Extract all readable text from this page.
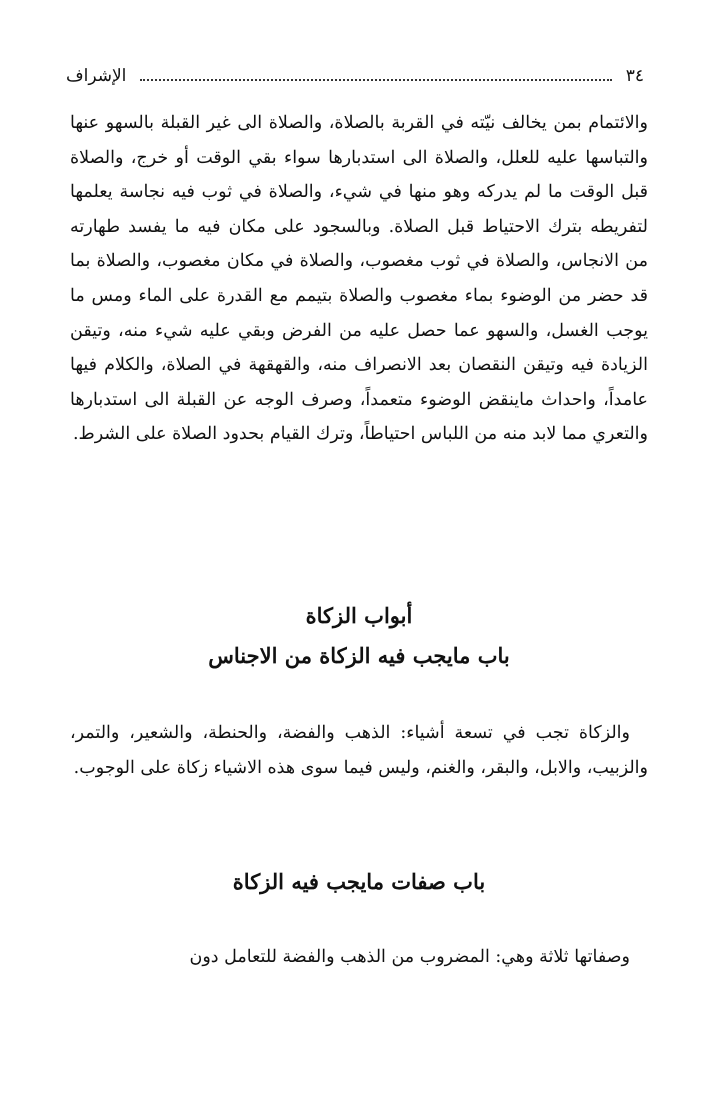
٣٤
الإشراف

والائتمام بمن يخالف نيّته في القربة بالصلاة، والصلاة الى غير القبلة بالسهو عنها والتباسها عليه للعلل، والصلاة الى استدبارها سواء بقي الوقت أو خرج، والصلاة قبل الوقت ما لم يدركه وهو منها في شيء، والصلاة في ثوب فيه نجاسة يعلمها لتفريطه بترك الاحتياط قبل الصلاة. وبالسجود على مكان فيه ما يفسد طهارته من الانجاس، والصلاة في ثوب مغصوب، والصلاة في مكان مغصوب، والصلاة بما قد حضر من الوضوء بماء مغصوب والصلاة بتيمم مع القدرة على الماء ومس ما يوجب الغسل، والسهو عما حصل عليه من الفرض وبقي عليه شيء منه، وتيقن الزيادة فيه وتيقن النقصان بعد الانصراف منه، والقهقهة في الصلاة، والكلام فيها عامداً، واحداث ماينقض الوضوء متعمداً، وصرف الوجه عن القبلة الى استدبارها والتعري مما لابد منه من اللباس احتياطاً، وترك القيام بحدود الصلاة على الشرط.

أبواب الزكاة
باب مايجب فيه الزكاة من الاجناس

والزكاة تجب في تسعة أشياء: الذهب والفضة، والحنطة، والشعير، والتمر، والزبيب، والابل، والبقر، والغنم، وليس فيما سوى هذه الاشياء زكاة على الوجوب.

باب صفات مايجب فيه الزكاة

وصفاتها ثلاثة وهي: المضروب من الذهب والفضة للتعامل دون
